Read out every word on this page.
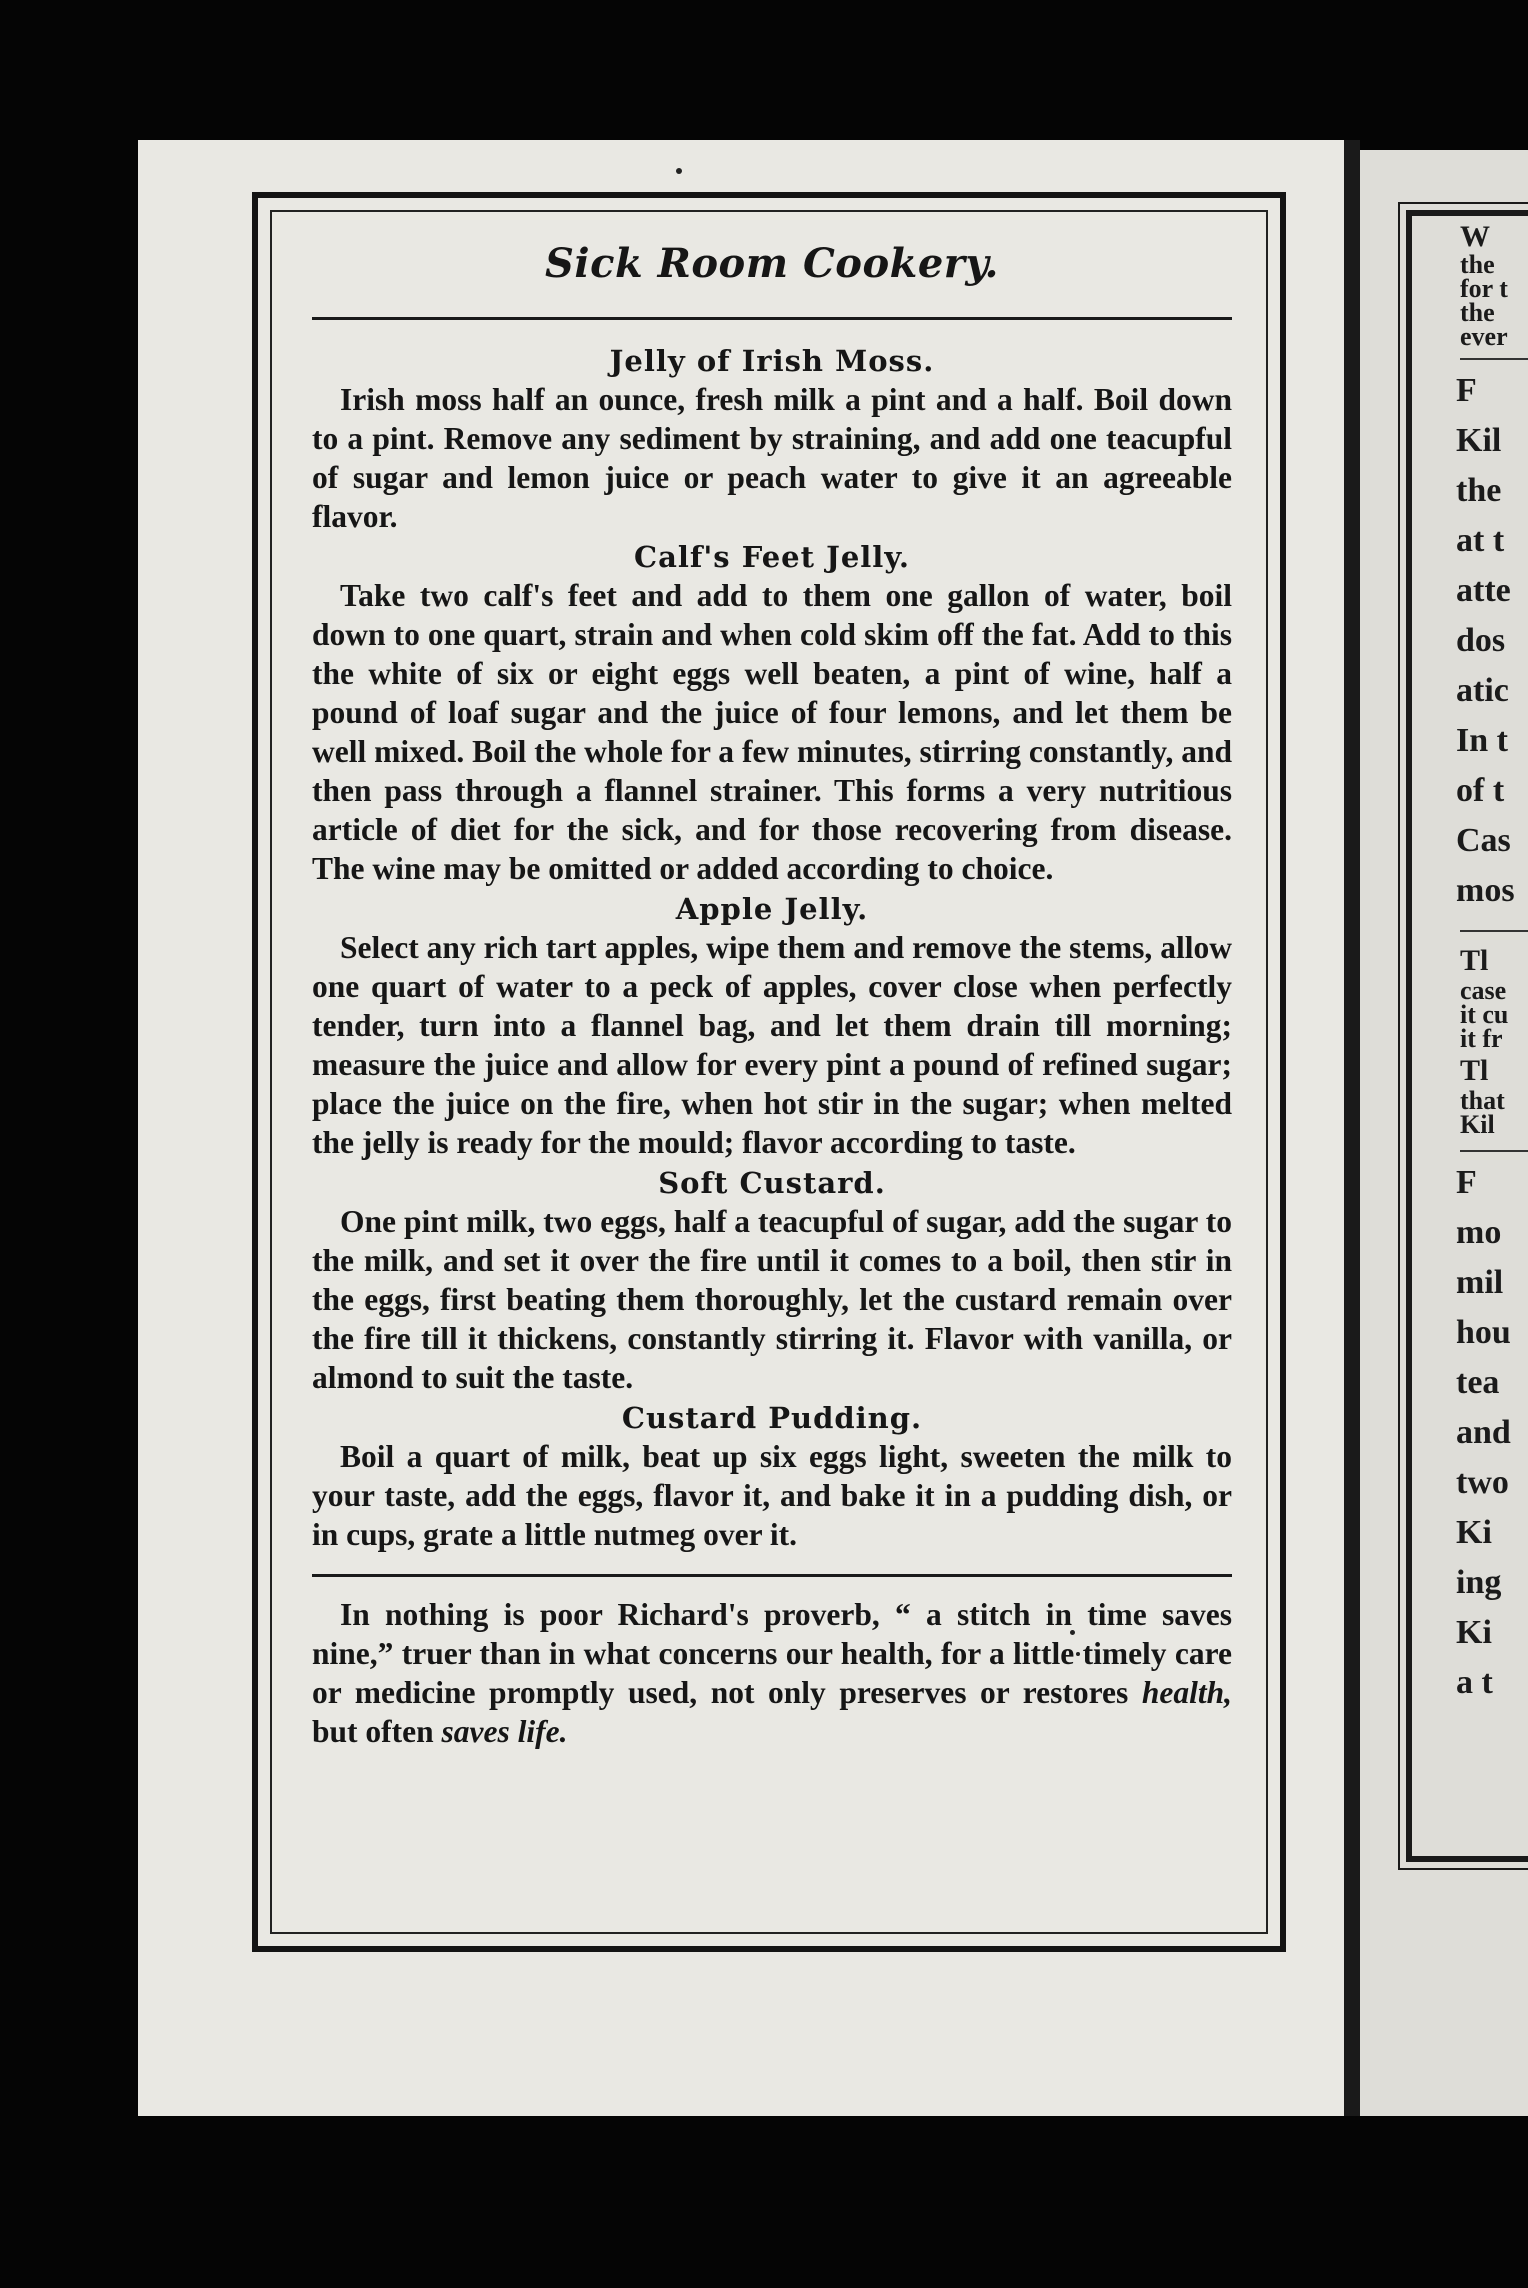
W

the

for t

the

ever

F

Kil

the

at t

atte

dos

atic

In t

of t

Cas

mos

Tl

case

it cu

it fr

Tl

that

Kil

F

mo

mil

hou

tea

and

two

Ki

ing

Ki

a t

Sick Room Cookery.
Jelly of Irish Moss.

Irish moss half an ounce, fresh milk a pint and a half. Boil down to a pint. Remove any sediment by straining, and add one teacupful of sugar and lemon juice or peach water to give it an agreeable flavor.

Calf's Feet Jelly.

Take two calf's feet and add to them one gallon of water, boil down to one quart, strain and when cold skim off the fat. Add to this the white of six or eight eggs well beaten, a pint of wine, half a pound of loaf sugar and the juice of four lemons, and let them be well mixed. Boil the whole for a few minutes, stirring constantly, and then pass through a flannel strainer. This forms a very nutritious article of diet for the sick, and for those recovering from disease. The wine may be omitted or added according to choice.

Apple Jelly.

Select any rich tart apples, wipe them and remove the stems, allow one quart of water to a peck of apples, cover close when perfectly tender, turn into a flannel bag, and let them drain till morning; measure the juice and allow for every pint a pound of refined sugar; place the juice on the fire, when hot stir in the sugar; when melted the jelly is ready for the mould; flavor according to taste.

Soft Custard.

One pint milk, two eggs, half a teacupful of sugar, add the sugar to the milk, and set it over the fire until it comes to a boil, then stir in the eggs, first beating them thoroughly, let the custard remain over the fire till it thickens, constantly stirring it. Flavor with vanilla, or almond to suit the taste.

Custard Pudding.

Boil a quart of milk, beat up six eggs light, sweeten the milk to your taste, add the eggs, flavor it, and bake it in a pudding dish, or in cups, grate a little nutmeg over it.

In nothing is poor Richard's proverb, “ a stitch in time saves nine,” truer than in what concerns our health, for a little timely care or medicine promptly used, not only preserves or restores health, but often saves life.
